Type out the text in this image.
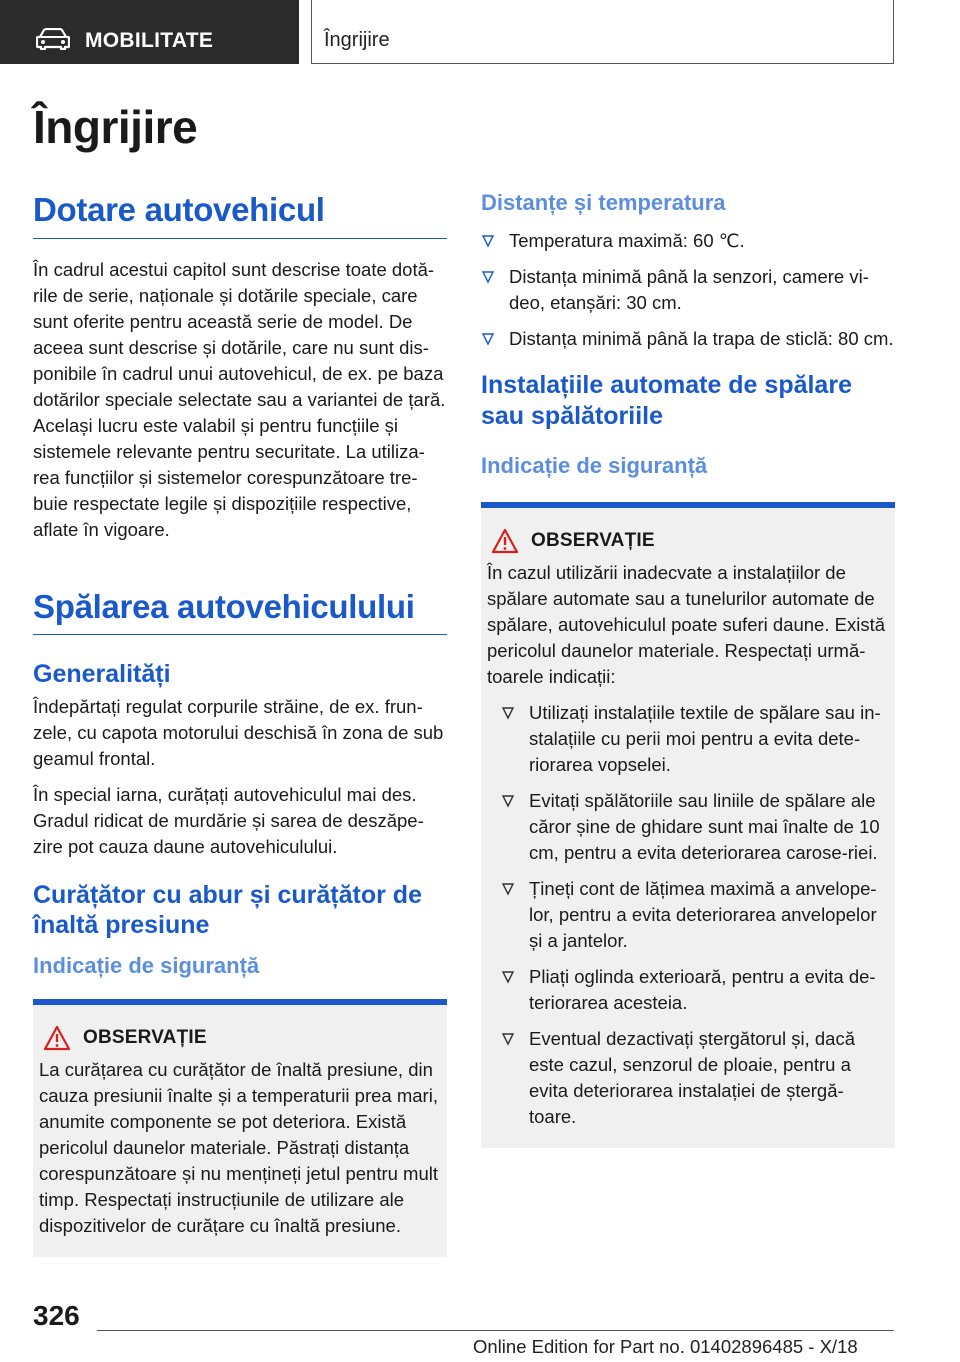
MOBILITATE	Îngrijire
Îngrijire
Dotare autovehicul

În cadrul acestui capitol sunt descrise toate dotă-rile de serie, naționale și dotările speciale, care sunt oferite pentru această serie de model. De aceea sunt descrise și dotările, care nu sunt dis-ponibile în cadrul unui autovehicul, de ex. pe baza dotărilor speciale selectate sau a variantei de țară. Același lucru este valabil și pentru funcțiile și sistemele relevante pentru securitate. La utiliza-rea funcțiilor și sistemelor corespunzătoare tre-buie respectate legile și dispozițiile respective, aflate în vigoare.

Spălarea autovehiculului
Generalități

Îndepărtați regulat corpurile străine, de ex. frun-zele, cu capota motorului deschisă în zona de sub geamul frontal.

În special iarna, curățați autovehiculul mai des. Gradul ridicat de murdărie și sarea de deszăpe-zire pot cauza daune autovehiculului.

Curățător cu abur și curățător de înaltă presiune
Indicație de siguranță
OBSERVAȚIE

La curățarea cu curățător de înaltă presiune, din cauza presiunii înalte și a temperaturii prea mari, anumite componente se pot deteriora. Există pericolul daunelor materiale. Păstrați distanța corespunzătoare și nu mențineți jetul pentru mult timp. Respectați instrucțiunile de utilizare ale dispozitivelor de curățare cu înaltă presiune.

Distanțe și temperatura
Temperatura maximă: 60 ℃.
Distanța minimă până la senzori, camere vi-deo, etanșări: 30 cm.
Distanța minimă până la trapa de sticlă: 80 cm.
Instalațiile automate de spălare sau spălătoriile
Indicație de siguranță
OBSERVAȚIE

În cazul utilizării inadecvate a instalațiilor de spălare automate sau a tunelurilor automate de spălare, autovehiculul poate suferi daune. Există pericolul daunelor materiale. Respectați urmă-toarele indicații:

Utilizați instalațiile textile de spălare sau in-stalațiile cu perii moi pentru a evita dete-riorarea vopselei.
Evitați spălătoriile sau liniile de spălare ale căror șine de ghidare sunt mai înalte de 10 cm, pentru a evita deteriorarea carose-riei.
Țineți cont de lățimea maximă a anvelope-lor, pentru a evita deteriorarea anvelopelor și a jantelor.
Pliați oglinda exterioară, pentru a evita de-teriorarea acesteia.
Eventual dezactivați ștergătorul și, dacă este cazul, senzorul de ploaie, pentru a evita deteriorarea instalației de ștergă-toare.
326
Online Edition for Part no. 01402896485 - X/18
